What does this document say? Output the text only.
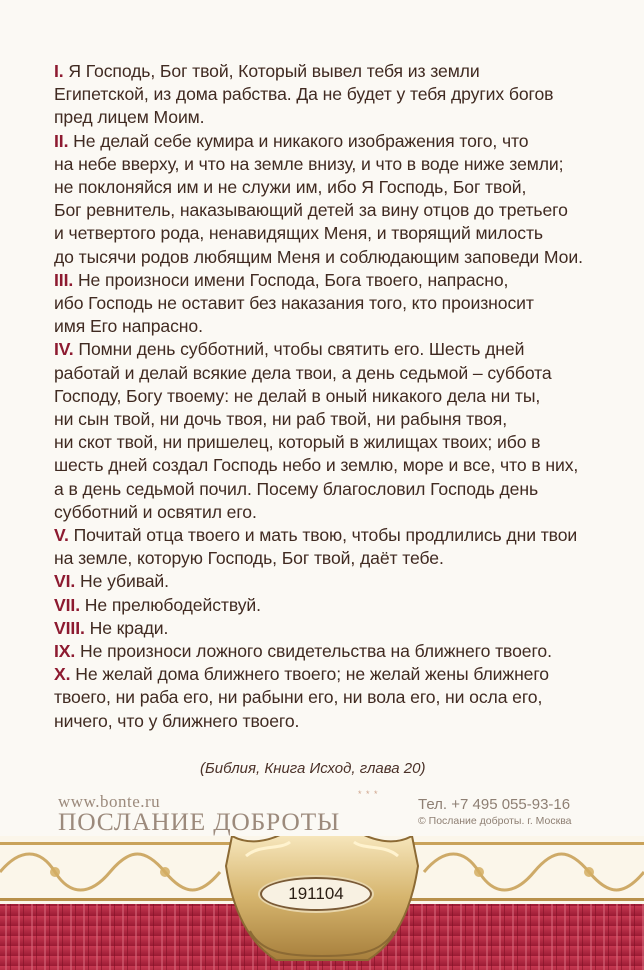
I. Я Господь, Бог твой, Который вывел тебя из земли
Египетской, из дома рабства. Да не будет у тебя других богов
пред лицем Моим.
II. Не делай себе кумира и никакого изображения того, что
на небе вверху, и что на земле внизу, и что в воде ниже земли;
не поклоняйся им и не служи им, ибо Я Господь, Бог твой,
Бог ревнитель, наказывающий детей за вину отцов до третьего
и четвертого рода, ненавидящих Меня, и творящий милость
до тысячи родов любящим Меня и соблюдающим заповеди Мои.
III. Не произноси имени Господа, Бога твоего, напрасно,
ибо Господь не оставит без наказания того, кто произносит
имя Его напрасно.
IV. Помни день субботний, чтобы святить его. Шесть дней
работай и делай всякие дела твои, а день седьмой – суббота
Господу, Богу твоему: не делай в оный никакого дела ни ты,
ни сын твой, ни дочь твоя, ни раб твой, ни рабыня твоя,
ни скот твой, ни пришелец, который в жилищах твоих; ибо в
шесть дней создал Господь небо и землю, море и все, что в них,
а в день седьмой почил. Посему благословил Господь день
субботний и освятил его.
V. Почитай отца твоего и мать твою, чтобы продлились дни твои
на земле, которую Господь, Бог твой, даёт тебе.
VI. Не убивай.
VII. Не прелюбодействуй.
VIII. Не кради.
IX. Не произноси ложного свидетельства на ближнего твоего.
X. Не желай дома ближнего твоего; не желай жены ближнего
твоего, ни раба его, ни рабыни его, ни вола его, ни осла его,
ничего, что у ближнего твоего.
(Библия, Книга Исход, глава 20)
www.bonte.ru	* * *
ПОСЛАНИЕ ДОБРОТЫ
Тел. +7 495 055-93-16
© Послание доброты. г. Москва
191104
